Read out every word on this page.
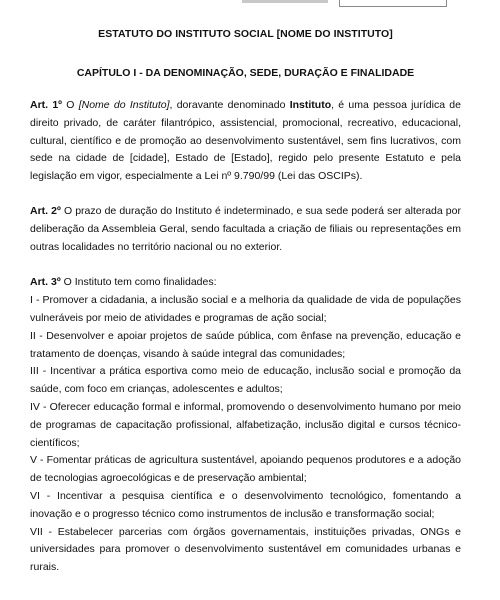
ESTATUTO DO INSTITUTO SOCIAL [NOME DO INSTITUTO]
CAPÍTULO I - DA DENOMINAÇÃO, SEDE, DURAÇÃO E FINALIDADE

Art. 1º O [Nome do Instituto], doravante denominado Instituto, é uma pessoa jurídica de direito privado, de caráter filantrópico, assistencial, promocional, recreativo, educacional, cultural, científico e de promoção ao desenvolvimento sustentável, sem fins lucrativos, com sede na cidade de [cidade], Estado de [Estado], regido pelo presente Estatuto e pela legislação em vigor, especialmente a Lei nº 9.790/99 (Lei das OSCIPs).

Art. 2º O prazo de duração do Instituto é indeterminado, e sua sede poderá ser alterada por deliberação da Assembleia Geral, sendo facultada a criação de filiais ou representações em outras localidades no território nacional ou no exterior.

Art. 3º O Instituto tem como finalidades:
I - Promover a cidadania, a inclusão social e a melhoria da qualidade de vida de populações vulneráveis por meio de atividades e programas de ação social;
II - Desenvolver e apoiar projetos de saúde pública, com ênfase na prevenção, educação e tratamento de doenças, visando à saúde integral das comunidades;
III - Incentivar a prática esportiva como meio de educação, inclusão social e promoção da saúde, com foco em crianças, adolescentes e adultos;
IV - Oferecer educação formal e informal, promovendo o desenvolvimento humano por meio de programas de capacitação profissional, alfabetização, inclusão digital e cursos técnico-científicos;
V - Fomentar práticas de agricultura sustentável, apoiando pequenos produtores e a adoção de tecnologias agroecológicas e de preservação ambiental;
VI - Incentivar a pesquisa científica e o desenvolvimento tecnológico, fomentando a inovação e o progresso técnico como instrumentos de inclusão e transformação social;
VII - Estabelecer parcerias com órgãos governamentais, instituições privadas, ONGs e universidades para promover o desenvolvimento sustentável em comunidades urbanas e rurais.
